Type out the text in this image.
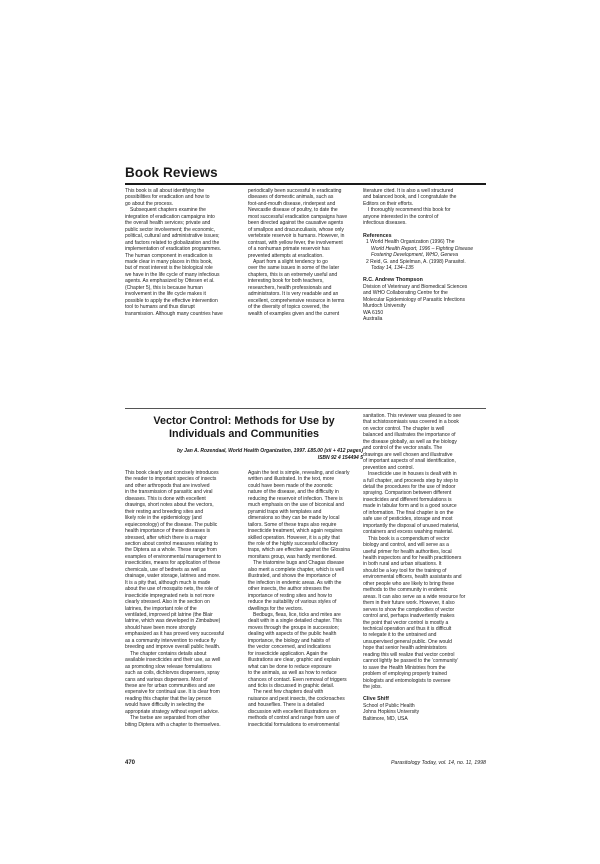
Book Reviews

This book is all about identifying the

possibilities for eradication and how to

go about the process.

Subsequent chapters examine the

integration of eradication campaigns into

the overall health services; private and

public sector involvement; the economic,

political, cultural and administrative issues;

and factors related to globalization and the

implementation of eradication programmes.

The human component in eradication is

made clear in many places in this book,

but of most interest is the biological role

we have in the life cycle of many infectious

agents. As emphasized by Ottesen et al.

(Chapter 5), this is because human

involvement in the life cycle makes it

possible to apply the effective intervention

tool to humans and thus disrupt

transmission. Although many countries have

periodically been successful in eradicating

diseases of domestic animals, such as

foot-and-mouth disease, rinderpest and

Newcastle disease of poultry, to date the

most successful eradication campaigns have

been directed against the causative agents

of smallpox and dracunculiasis, whose only

vertebrate reservoir is humans. However, in

contrast, with yellow fever, the involvement

of a nonhuman primate reservoir has

prevented attempts at eradication.

Apart from a slight tendency to go

over the same issues in some of the later

chapters, this is an extremely useful and

interesting book for both teachers,

researchers, health professionals and

administrators. It is very readable and an

excellent, comprehensive resource in terms

of the diversity of topics covered, the

wealth of examples given and the current

literature cited. It is also a well structured

and balanced book, and I congratulate the

Editors on their efforts.

I thoroughly recommend this book for

anyone interested in the control of

infectious diseases.

References
1 World Health Organization (1996) The
World Health Report, 1996 – Fighting Disease
Fostering Development, WHO, Geneva
2 Reid, G. and Spielman, A. (1998) Parasitol.
Today 14, 134–135
R.C. Andrew Thompson

Division of Veterinary and Biomedical Sciences

and WHO Collaborating Centre for the

Molecular Epidemiology of Parasitic Infections

Murdoch University

WA 6150

Australia

Vector Control: Methods for Use by
Individuals and Communities
by Jan A. Rozendaal, World Health Organization, 1997. £85.00 (xii + 412 pages)
ISBN 92 4 154494 5

This book clearly and concisely introduces

the reader to important species of insects

and other arthropods that are involved

in the transmission of parasitic and viral

diseases. This is done with excellent

drawings, short notes about the vectors,

their resting and breeding sites and

likely role in the epidemiology (and

equieconology) of the disease. The public

health importance of these diseases is

stressed, after which there is a major

section about control measures relating to

the Diptera as a whole. These range from

examples of environmental management to

insecticides, means for application of these

chemicals, use of bednets as well as

drainage, water storage, latrines and more.

It is a pity that, although much is made

about the use of mosquito nets, the role of

insecticide impregnated nets is not more

clearly stressed. Also in the section on

latrines, the important role of the

ventilated, improved pit latrine (the Blair

latrine, which was developed in Zimbabwe)

should have been more strongly

emphasized as it has proved very successful

as a community intervention to reduce fly

breeding and improve overall public health.

The chapter contains details about

available insecticides and their use, as well

as promoting slow release formulations

such as coils, dichlorvos dispensers, spray

cans and various dispensers. Most of

these are for urban communities and are

expensive for continual use. It is clear from

reading this chapter that the lay person

would have difficulty in selecting the

appropriate strategy without expert advice.

The tsetse are separated from other

biting Diptera with a chapter to themselves.

Again the text is simple, revealing, and clearly

written and illustrated. In the text, more

could have been made of the zoonotic

nature of the disease, and the difficulty in

reducing the reservoir of infection. There is

much emphasis on the use of biconical and

pyramid traps with templates and

dimensions so they can be made by local

tailors. Some of these traps also require

insecticide treatment, which again requires

skilled operation. However, it is a pity that

the role of the highly successful olfactory

traps, which are effective against the Glossina

morsitans group, was hardly mentioned.

The triatomine bugs and Chagas disease

also merit a complete chapter, which is well

illustrated, and shows the importance of

the infection in endemic areas. As with the

other insects, the author stresses the

importance of resting sites and how to

reduce the suitability of various styles of

dwellings for the vectors.

Bedbugs, fleas, lice, ticks and mites are

dealt with in a single detailed chapter. This

moves through the groups in succession;

dealing with aspects of the public health

importance, the biology and habits of

the vector concerned, and indications

for insecticide application. Again the

illustrations are clear, graphic and explain

what can be done to reduce exposure

to the animals, as well as how to reduce

chances of contact. Even removal of triggers

and ticks is discussed in graphic detail.

The next few chapters deal with

nuisance and pest insects, the cockroaches

and houseflies. There is a detailed

discussion with excellent illustrations on

methods of control and range from use of

insecticidal formulations to environmental

sanitation. This reviewer was pleased to see

that schistosomiasis was covered in a book

on vector control. The chapter is well

balanced and illustrates the importance of

the disease globally, as well as the biology

and control of the vector snails. The

drawings are well chosen and illustrative

of important aspects of snail identification,

prevention and control.

Insecticide use in houses is dealt with in

a full chapter, and proceeds step by step to

detail the procedures for the use of indoor

spraying. Comparison between different

insecticides and different formulations is

made in tabular form and is a good source

of information. The final chapter is on the

safe use of pesticides, storage and most

importantly the disposal of unused material,

containers and excess washing material.

This book is a compendium of vector

biology and control, and will serve as a

useful primer for health authorities, local

health inspectors and for health practitioners

in both rural and urban situations. It

should be a key tool for the training of

environmental officers, health assistants and

other people who are likely to bring these

methods to the community in endemic

areas. It can also serve as a wide resource for

them in their future work. However, it also

serves to show the complexities of vector

control and, perhaps inadvertently makes

the point that vector control is mostly a

technical operation and thus it is difficult

to relegate it to the untrained and

unsupervised general public. One would

hope that senior health administrators

reading this will realize that vector control

cannot lightly be passed to the ‘community’

to save the Health Ministries from the

problem of employing properly trained

biologists and entomologists to oversee

the jobs.

Clive Shiff

School of Public Health

Johns Hopkins University

Baltimore, MD, USA

470	Parasitology Today, vol. 14, no. 11, 1998
